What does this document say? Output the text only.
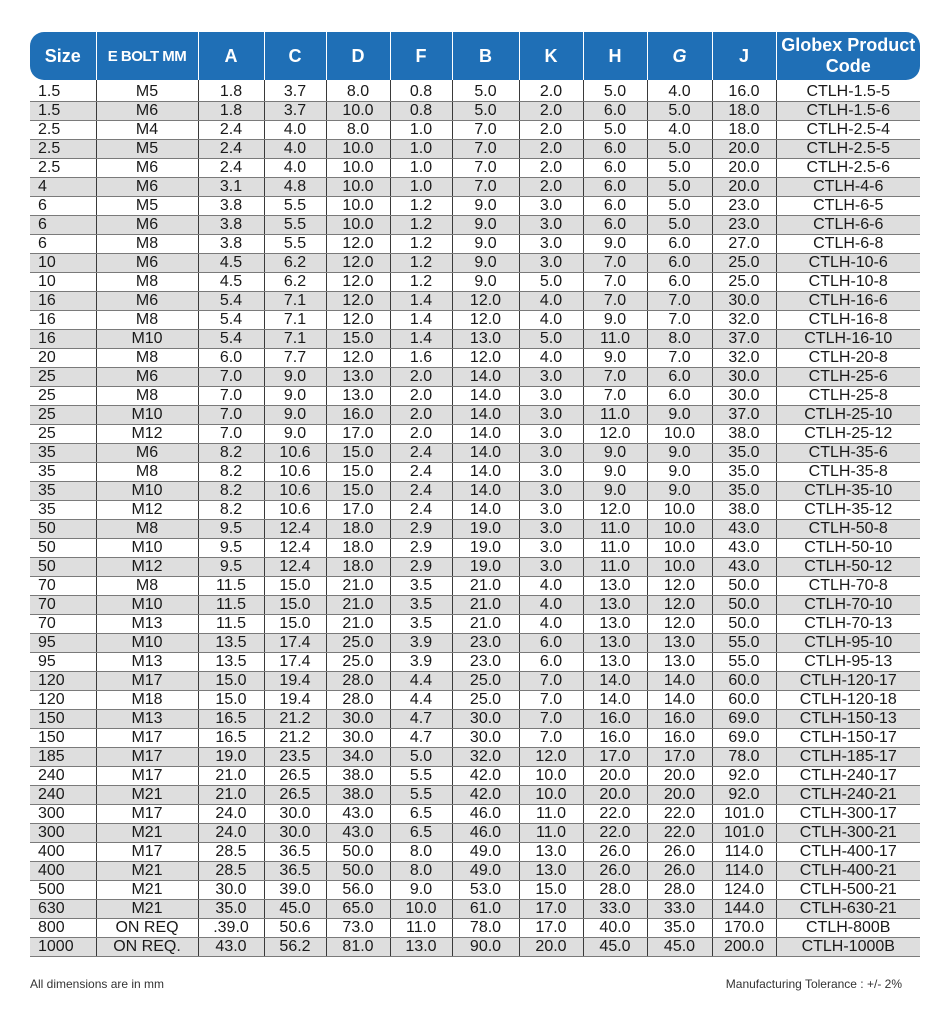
Size	E BOLT MM	A	C	D	F	B	K	H	G	J	Globex Product Code
1.5	M5	1.8	3.7	8.0	0.8	5.0	2.0	5.0	4.0	16.0	CTLH-1.5-5
1.5	M6	1.8	3.7	10.0	0.8	5.0	2.0	6.0	5.0	18.0	CTLH-1.5-6
2.5	M4	2.4	4.0	8.0	1.0	7.0	2.0	5.0	4.0	18.0	CTLH-2.5-4
2.5	M5	2.4	4.0	10.0	1.0	7.0	2.0	6.0	5.0	20.0	CTLH-2.5-5
2.5	M6	2.4	4.0	10.0	1.0	7.0	2.0	6.0	5.0	20.0	CTLH-2.5-6
4	M6	3.1	4.8	10.0	1.0	7.0	2.0	6.0	5.0	20.0	CTLH-4-6
6	M5	3.8	5.5	10.0	1.2	9.0	3.0	6.0	5.0	23.0	CTLH-6-5
6	M6	3.8	5.5	10.0	1.2	9.0	3.0	6.0	5.0	23.0	CTLH-6-6
6	M8	3.8	5.5	12.0	1.2	9.0	3.0	9.0	6.0	27.0	CTLH-6-8
10	M6	4.5	6.2	12.0	1.2	9.0	3.0	7.0	6.0	25.0	CTLH-10-6
10	M8	4.5	6.2	12.0	1.2	9.0	5.0	7.0	6.0	25.0	CTLH-10-8
16	M6	5.4	7.1	12.0	1.4	12.0	4.0	7.0	7.0	30.0	CTLH-16-6
16	M8	5.4	7.1	12.0	1.4	12.0	4.0	9.0	7.0	32.0	CTLH-16-8
16	M10	5.4	7.1	15.0	1.4	13.0	5.0	11.0	8.0	37.0	CTLH-16-10
20	M8	6.0	7.7	12.0	1.6	12.0	4.0	9.0	7.0	32.0	CTLH-20-8
25	M6	7.0	9.0	13.0	2.0	14.0	3.0	7.0	6.0	30.0	CTLH-25-6
25	M8	7.0	9.0	13.0	2.0	14.0	3.0	7.0	6.0	30.0	CTLH-25-8
25	M10	7.0	9.0	16.0	2.0	14.0	3.0	11.0	9.0	37.0	CTLH-25-10
25	M12	7.0	9.0	17.0	2.0	14.0	3.0	12.0	10.0	38.0	CTLH-25-12
35	M6	8.2	10.6	15.0	2.4	14.0	3.0	9.0	9.0	35.0	CTLH-35-6
35	M8	8.2	10.6	15.0	2.4	14.0	3.0	9.0	9.0	35.0	CTLH-35-8
35	M10	8.2	10.6	15.0	2.4	14.0	3.0	9.0	9.0	35.0	CTLH-35-10
35	M12	8.2	10.6	17.0	2.4	14.0	3.0	12.0	10.0	38.0	CTLH-35-12
50	M8	9.5	12.4	18.0	2.9	19.0	3.0	11.0	10.0	43.0	CTLH-50-8
50	M10	9.5	12.4	18.0	2.9	19.0	3.0	11.0	10.0	43.0	CTLH-50-10
50	M12	9.5	12.4	18.0	2.9	19.0	3.0	11.0	10.0	43.0	CTLH-50-12
70	M8	11.5	15.0	21.0	3.5	21.0	4.0	13.0	12.0	50.0	CTLH-70-8
70	M10	11.5	15.0	21.0	3.5	21.0	4.0	13.0	12.0	50.0	CTLH-70-10
70	M13	11.5	15.0	21.0	3.5	21.0	4.0	13.0	12.0	50.0	CTLH-70-13
95	M10	13.5	17.4	25.0	3.9	23.0	6.0	13.0	13.0	55.0	CTLH-95-10
95	M13	13.5	17.4	25.0	3.9	23.0	6.0	13.0	13.0	55.0	CTLH-95-13
120	M17	15.0	19.4	28.0	4.4	25.0	7.0	14.0	14.0	60.0	CTLH-120-17
120	M18	15.0	19.4	28.0	4.4	25.0	7.0	14.0	14.0	60.0	CTLH-120-18
150	M13	16.5	21.2	30.0	4.7	30.0	7.0	16.0	16.0	69.0	CTLH-150-13
150	M17	16.5	21.2	30.0	4.7	30.0	7.0	16.0	16.0	69.0	CTLH-150-17
185	M17	19.0	23.5	34.0	5.0	32.0	12.0	17.0	17.0	78.0	CTLH-185-17
240	M17	21.0	26.5	38.0	5.5	42.0	10.0	20.0	20.0	92.0	CTLH-240-17
240	M21	21.0	26.5	38.0	5.5	42.0	10.0	20.0	20.0	92.0	CTLH-240-21
300	M17	24.0	30.0	43.0	6.5	46.0	11.0	22.0	22.0	101.0	CTLH-300-17
300	M21	24.0	30.0	43.0	6.5	46.0	11.0	22.0	22.0	101.0	CTLH-300-21
400	M17	28.5	36.5	50.0	8.0	49.0	13.0	26.0	26.0	114.0	CTLH-400-17
400	M21	28.5	36.5	50.0	8.0	49.0	13.0	26.0	26.0	114.0	CTLH-400-21
500	M21	30.0	39.0	56.0	9.0	53.0	15.0	28.0	28.0	124.0	CTLH-500-21
630	M21	35.0	45.0	65.0	10.0	61.0	17.0	33.0	33.0	144.0	CTLH-630-21
800	ON REQ	.39.0	50.6	73.0	11.0	78.0	17.0	40.0	35.0	170.0	CTLH-800B
1000	ON REQ.	43.0	56.2	81.0	13.0	90.0	20.0	45.0	45.0	200.0	CTLH-1000B
All dimensions are in mm	Manufacturing Tolerance : +/- 2%
